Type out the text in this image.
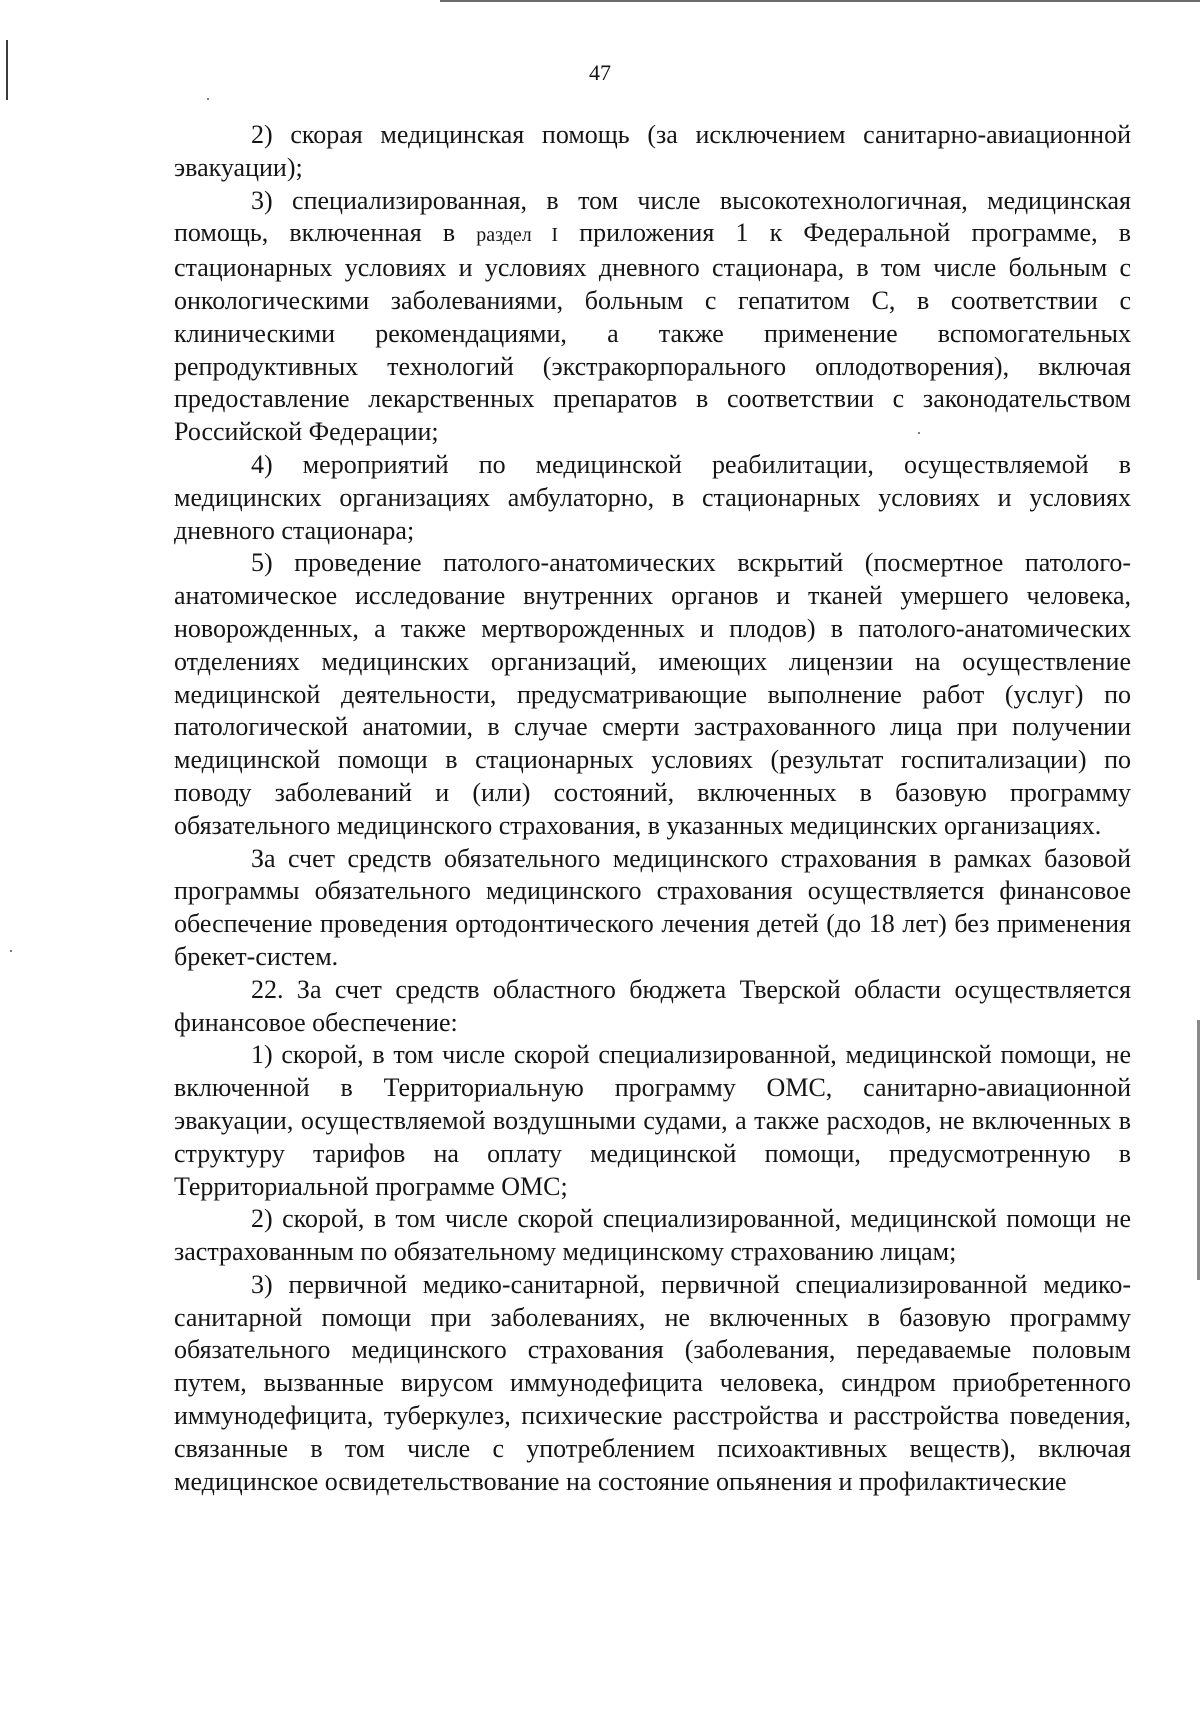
47

2) скорая медицинская помощь (за исключением санитарно-авиационной эвакуации);

3) специализированная, в том числе высокотехнологичная, медицинская помощь, включенная в раздел I приложения 1 к Федеральной программе, в стационарных условиях и условиях дневного стационара, в том числе больным с онкологическими заболеваниями, больным с гепатитом С, в соответствии с клиническими рекомендациями, а также применение вспомогательных репродуктивных технологий (экстракорпорального оплодотворения), включая предоставление лекарственных препаратов в соответствии с законодательством Российской Федерации;

4) мероприятий по медицинской реабилитации, осуществляемой в медицинских организациях амбулаторно, в стационарных условиях и условиях дневного стационара;

5) проведение патолого-анатомических вскрытий (посмертное патолого-анатомическое исследование внутренних органов и тканей умершего человека, новорожденных, а также мертворожденных и плодов) в патолого-анатомических отделениях медицинских организаций, имеющих лицензии на осуществление медицинской деятельности, предусматривающие выполнение работ (услуг) по патологической анатомии, в случае смерти застрахованного лица при получении медицинской помощи в стационарных условиях (результат госпитализации) по поводу заболеваний и (или) состояний, включенных в базовую программу обязательного медицинского страхования, в указанных медицинских организациях.

За счет средств обязательного медицинского страхования в рамках базовой программы обязательного медицинского страхования осуществляется финансовое обеспечение проведения ортодонтического лечения детей (до 18 лет) без применения брекет-систем.

22. За счет средств областного бюджета Тверской области осуществляется финансовое обеспечение:

1) скорой, в том числе скорой специализированной, медицинской помощи, не включенной в Территориальную программу ОМС, санитарно-авиационной эвакуации, осуществляемой воздушными судами, а также расходов, не включенных в структуру тарифов на оплату медицинской помощи, предусмотренную в Территориальной программе ОМС;

2) скорой, в том числе скорой специализированной, медицинской помощи не застрахованным по обязательному медицинскому страхованию лицам;

3) первичной медико-санитарной, первичной специализированной медико-санитарной помощи при заболеваниях, не включенных в базовую программу обязательного медицинского страхования (заболевания, передаваемые половым путем, вызванные вирусом иммунодефицита человека, синдром приобретенного иммунодефицита, туберкулез, психические расстройства и расстройства поведения, связанные в том числе с употреблением психоактивных веществ), включая медицинское освидетельствование на состояние опьянения и профилактические
